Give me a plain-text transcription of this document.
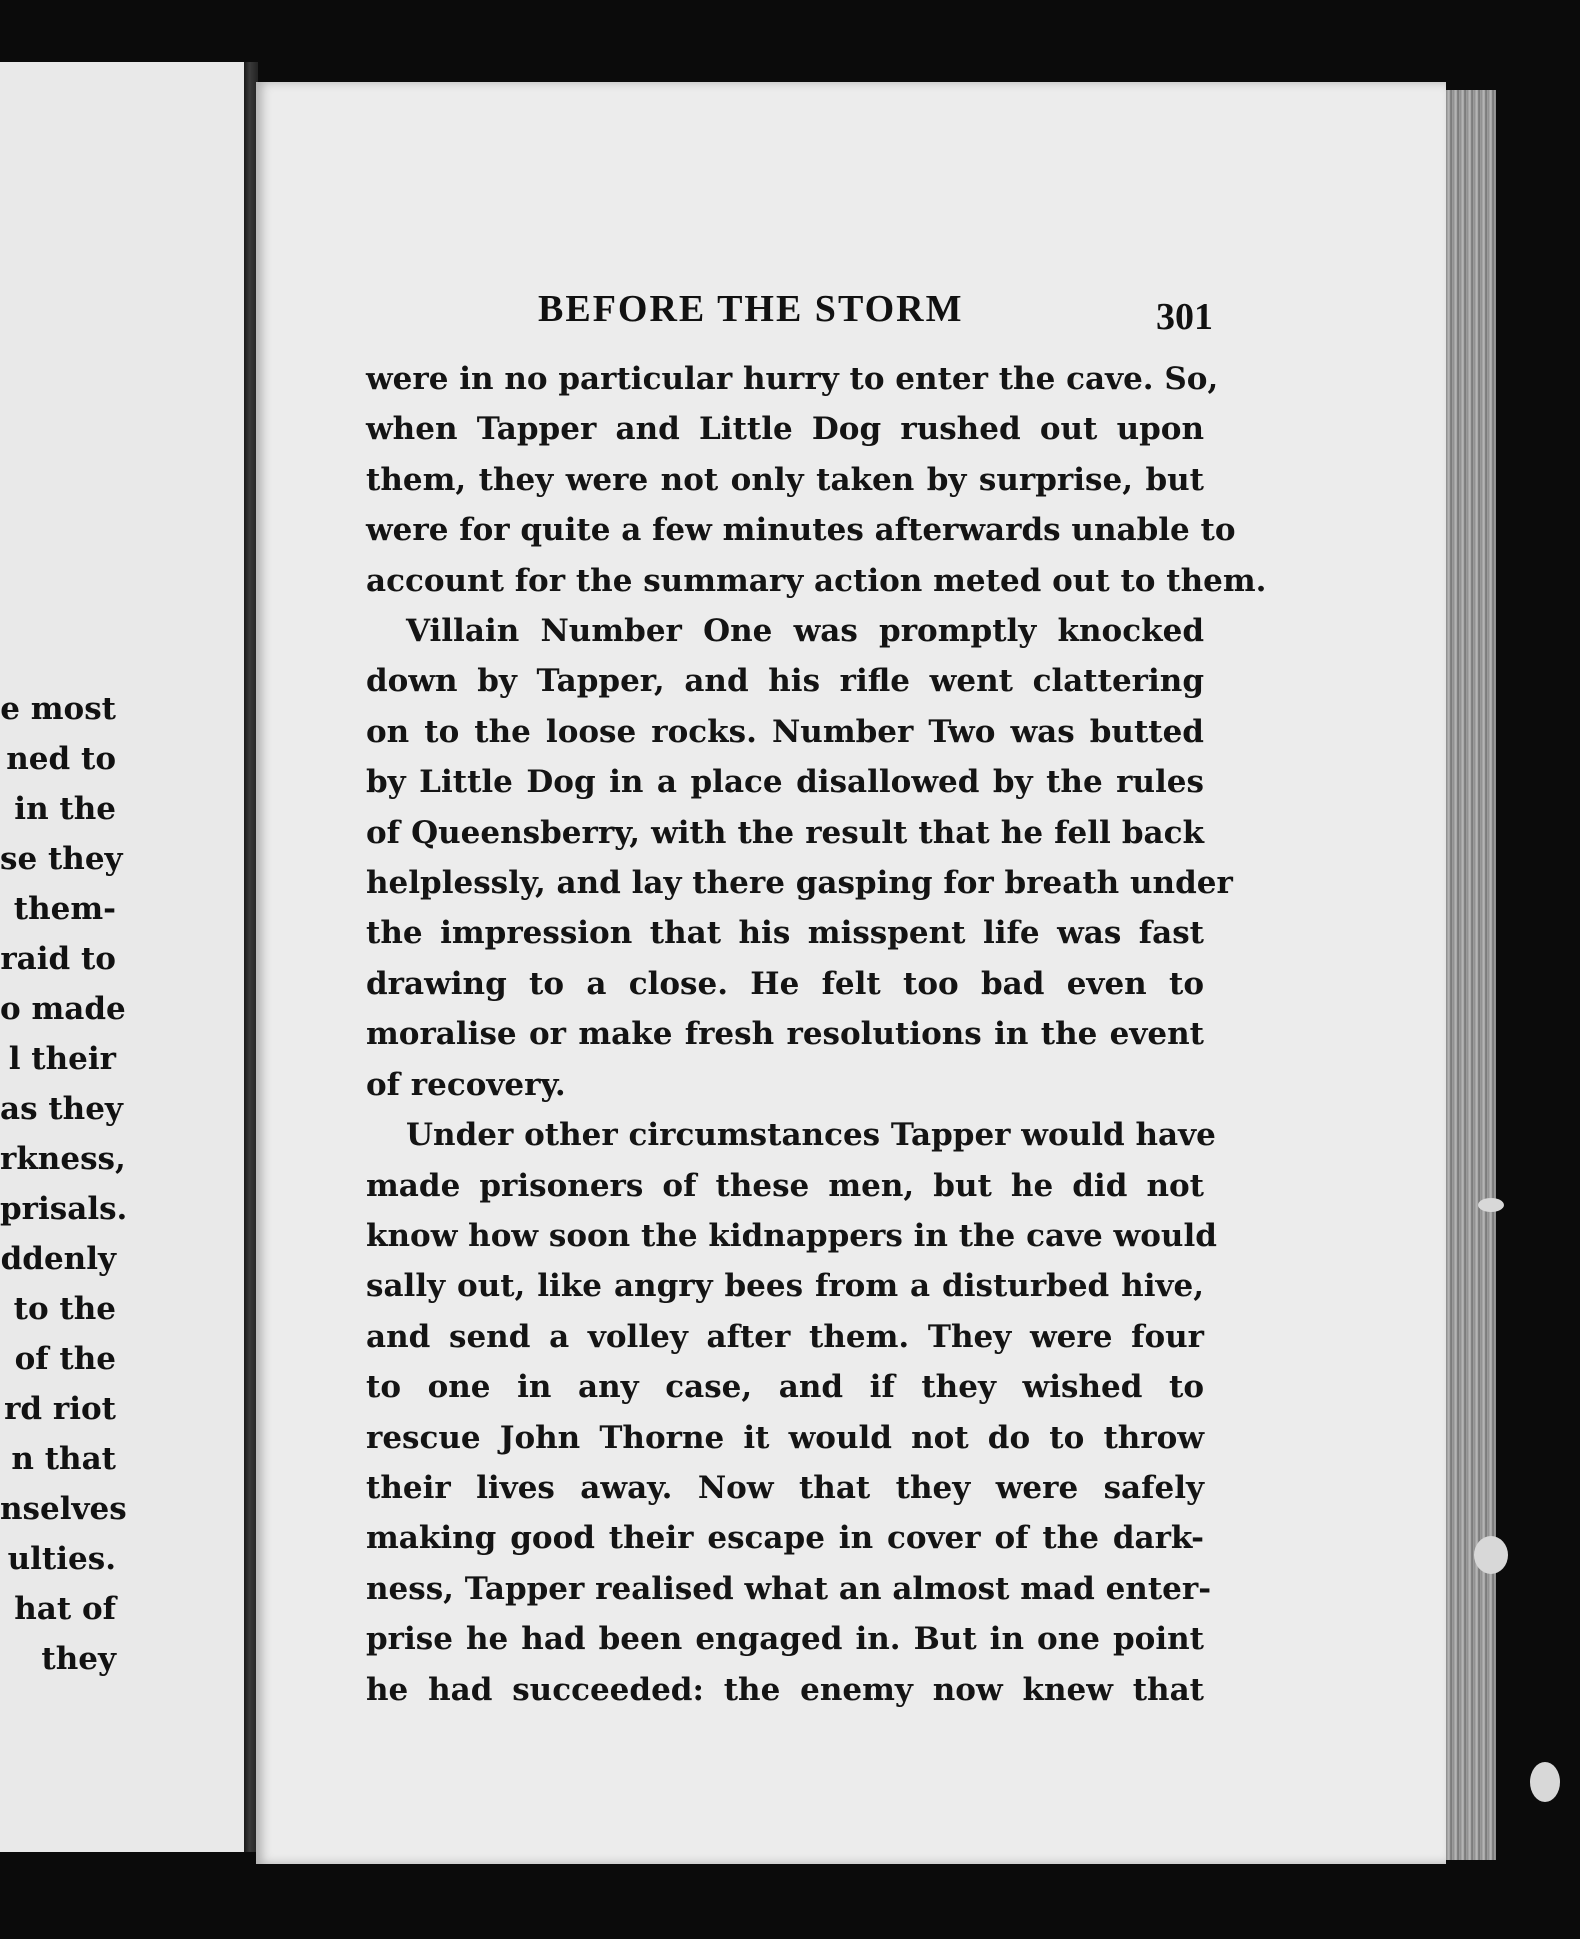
e most
ned to
in the
se they
them-
raid to
o made
l their
as they
rkness,
prisals.
ddenly
to the
of the
rd riot
n that
nselves
ulties.
hat of
they
BEFORE THE STORM	301
were in no particular hurry to enter the cave. So,
when Tapper and Little Dog rushed out upon
them, they were not only taken by surprise, but
were for quite a few minutes afterwards unable to
account for the summary action meted out to them.
Villain Number One was promptly knocked
down by Tapper, and his rifle went clattering
on to the loose rocks. Number Two was butted
by Little Dog in a place disallowed by the rules
of Queensberry, with the result that he fell back
helplessly, and lay there gasping for breath under
the impression that his misspent life was fast
drawing to a close. He felt too bad even to
moralise or make fresh resolutions in the event
of recovery.
Under other circumstances Tapper would have
made prisoners of these men, but he did not
know how soon the kidnappers in the cave would
sally out, like angry bees from a disturbed hive,
and send a volley after them. They were four
to one in any case, and if they wished to
rescue John Thorne it would not do to throw
their lives away. Now that they were safely
making good their escape in cover of the dark-
ness, Tapper realised what an almost mad enter-
prise he had been engaged in. But in one point
he had succeeded: the enemy now knew that
